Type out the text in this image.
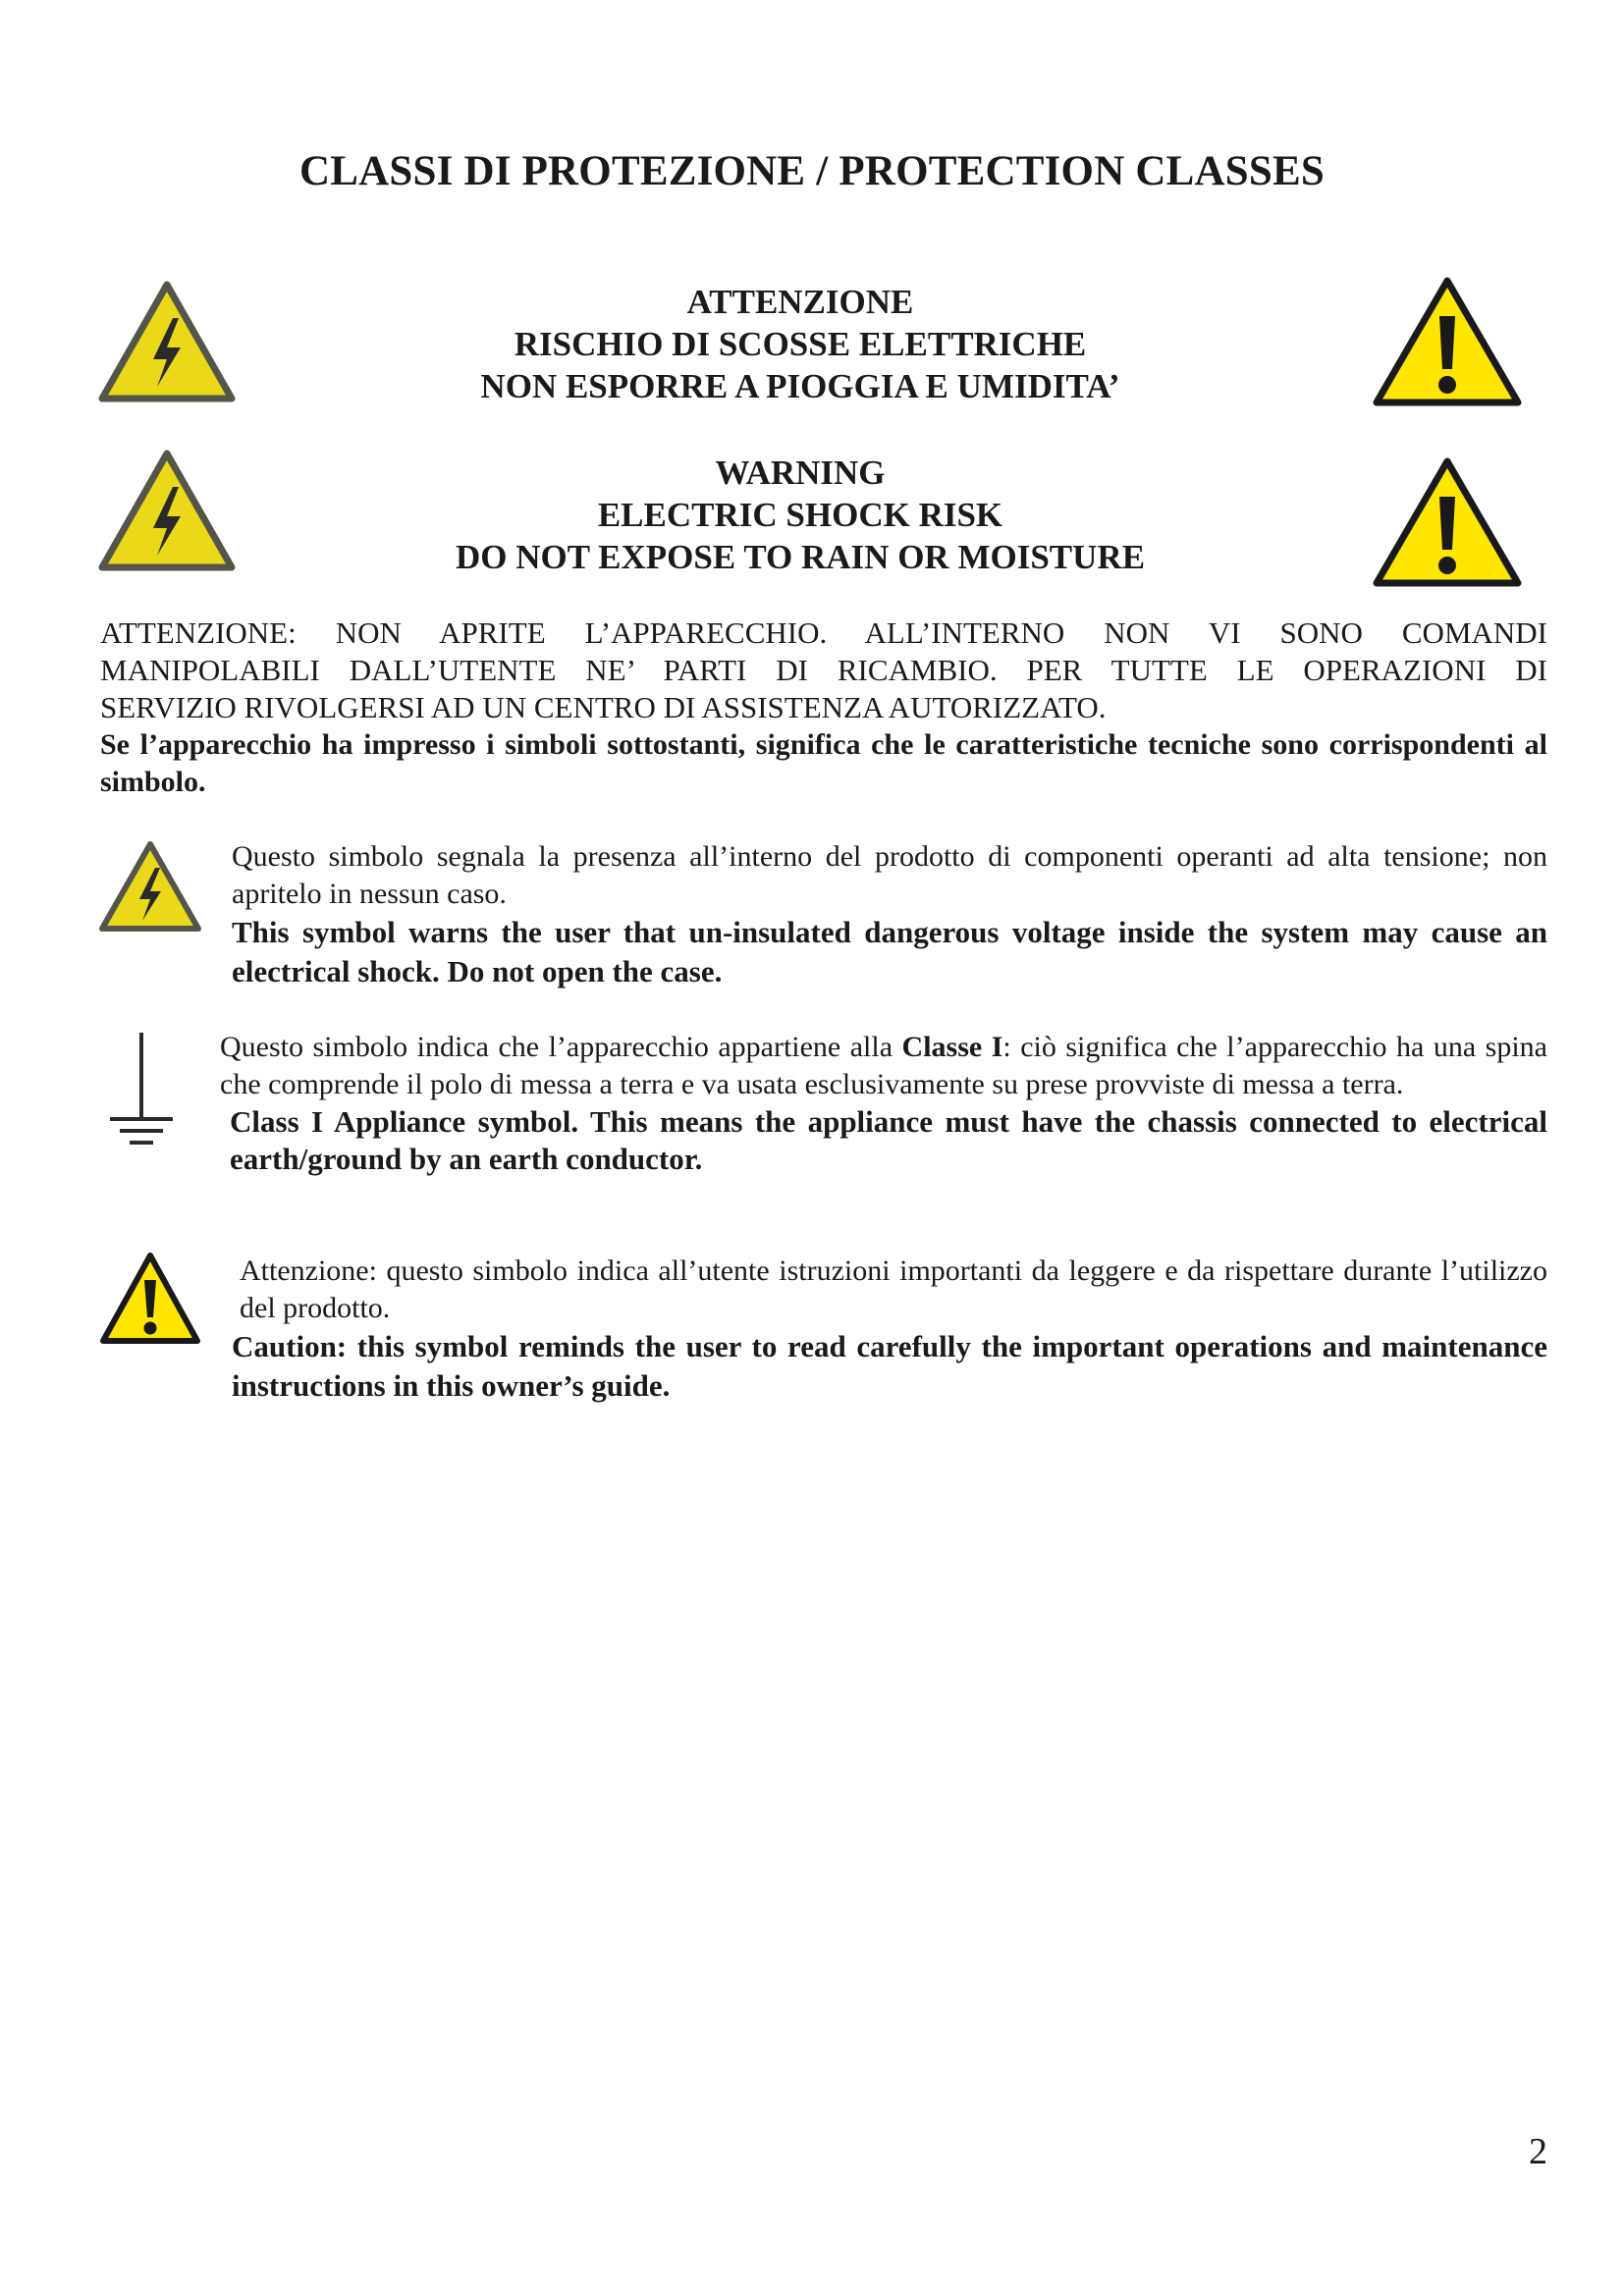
CLASSI DI PROTEZIONE / PROTECTION CLASSES
ATTENZIONE
RISCHIO DI SCOSSE ELETTRICHE
NON ESPORRE A PIOGGIA E UMIDITA’
WARNING
ELECTRIC SHOCK RISK
DO NOT EXPOSE TO RAIN OR MOISTURE
ATTENZIONE: NON APRITE L’APPARECCHIO. ALL’INTERNO NON VI SONO COMANDI
MANIPOLABILI DALL’UTENTE NE’ PARTI DI RICAMBIO. PER TUTTE LE OPERAZIONI DI
SERVIZIO RIVOLGERSI AD UN CENTRO DI ASSISTENZA AUTORIZZATO.
Se l’apparecchio ha impresso i simboli sottostanti, significa che le caratteristiche tecniche sono corrispondenti al simbolo.
Questo simbolo segnala la presenza all’interno del prodotto di componenti operanti ad alta tensione; non apritelo in nessun caso.
This symbol warns the user that un-insulated dangerous voltage inside the system may cause an electrical shock. Do not open the case.
Questo simbolo indica che l’apparecchio appartiene alla Classe I: ciò significa che l’apparecchio ha una spina che comprende il polo di messa a terra e va usata esclusivamente su prese provviste di messa a terra.
Class I Appliance symbol. This means the appliance must have the chassis connected to electrical earth/ground by an earth conductor.
Attenzione: questo simbolo indica all’utente istruzioni importanti da leggere e da rispettare durante l’utilizzo del prodotto.
Caution: this symbol reminds the user to read carefully the important operations and maintenance instructions in this owner’s guide.
2
